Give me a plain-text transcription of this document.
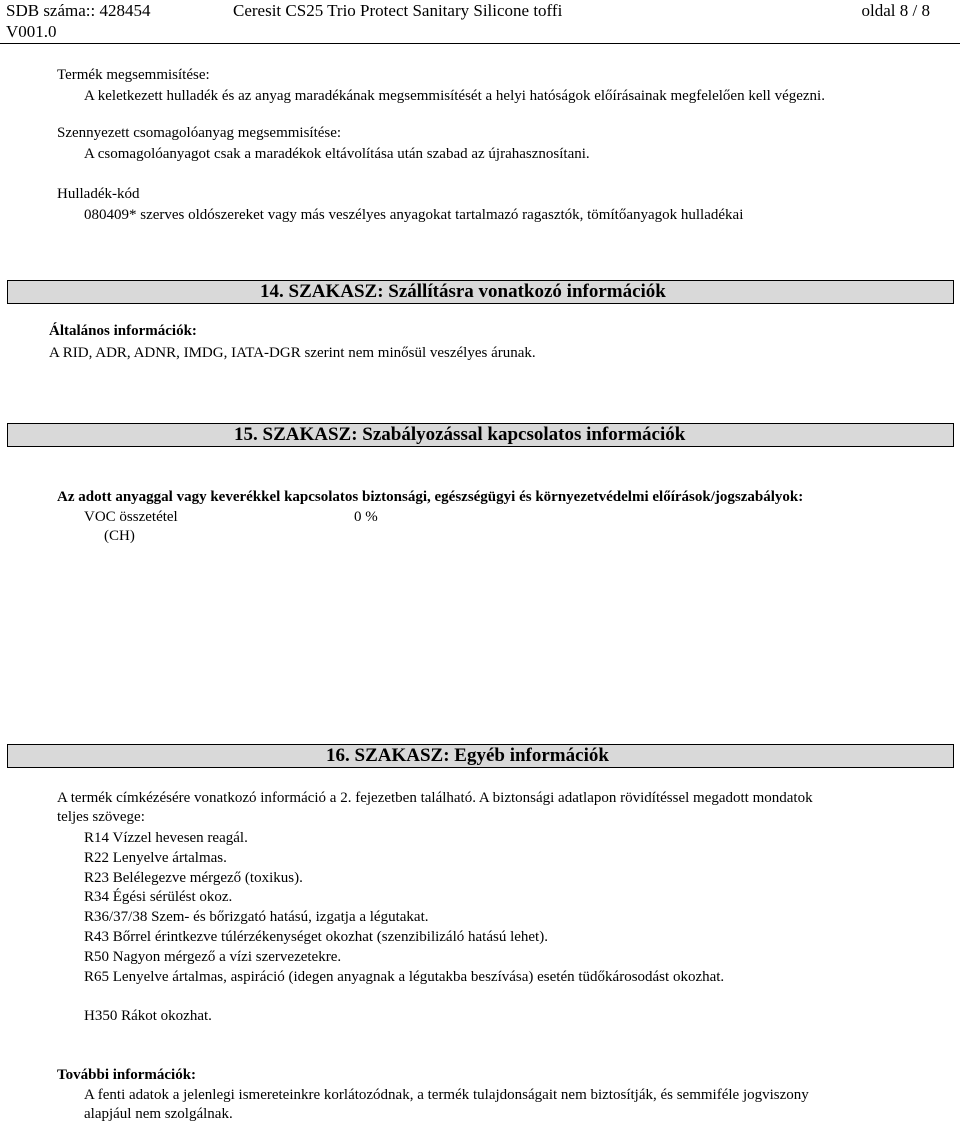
SDB száma:: 428454
V001.0
Ceresit CS25 Trio Protect Sanitary Silicone toffi	oldal 8 / 8
Termék megsemmisítése:
A keletkezett hulladék és az anyag maradékának megsemmisítését a helyi hatóságok előírásainak megfelelően kell végezni.
Szennyezett csomagolóanyag megsemmisítése:
A csomagolóanyagot csak a maradékok eltávolítása után szabad az újrahasznosítani.
Hulladék-kód
080409* szerves oldószereket vagy más veszélyes anyagokat tartalmazó ragasztók, tömítőanyagok hulladékai
14. SZAKASZ: Szállításra vonatkozó információk
Általános információk:
A RID, ADR, ADNR, IMDG, IATA-DGR szerint nem minősül veszélyes árunak.
15. SZAKASZ: Szabályozással kapcsolatos információk
Az adott anyaggal vagy keverékkel kapcsolatos biztonsági, egészségügyi és környezetvédelmi előírások/jogszabályok:
VOC összetétel	0 %
(CH)
16. SZAKASZ: Egyéb információk
A termék címkézésére vonatkozó információ a 2. fejezetben található. A biztonsági adatlapon rövidítéssel megadott mondatok
teljes szövege:
R14 Vízzel hevesen reagál.
R22 Lenyelve ártalmas.
R23 Belélegezve mérgező (toxikus).
R34 Égési sérülést okoz.
R36/37/38 Szem- és bőrizgató hatású, izgatja a légutakat.
R43 Bőrrel érintkezve túlérzékenységet okozhat (szenzibilizáló hatású lehet).
R50 Nagyon mérgező a vízi szervezetekre.
R65 Lenyelve ártalmas, aspiráció (idegen anyagnak a légutakba beszívása) esetén tüdőkárosodást okozhat.
H350 Rákot okozhat.
További információk:
A fenti adatok a jelenlegi ismereteinkre korlátozódnak, a termék tulajdonságait nem biztosítják, és semmiféle jogviszony
alapjául nem szolgálnak.
